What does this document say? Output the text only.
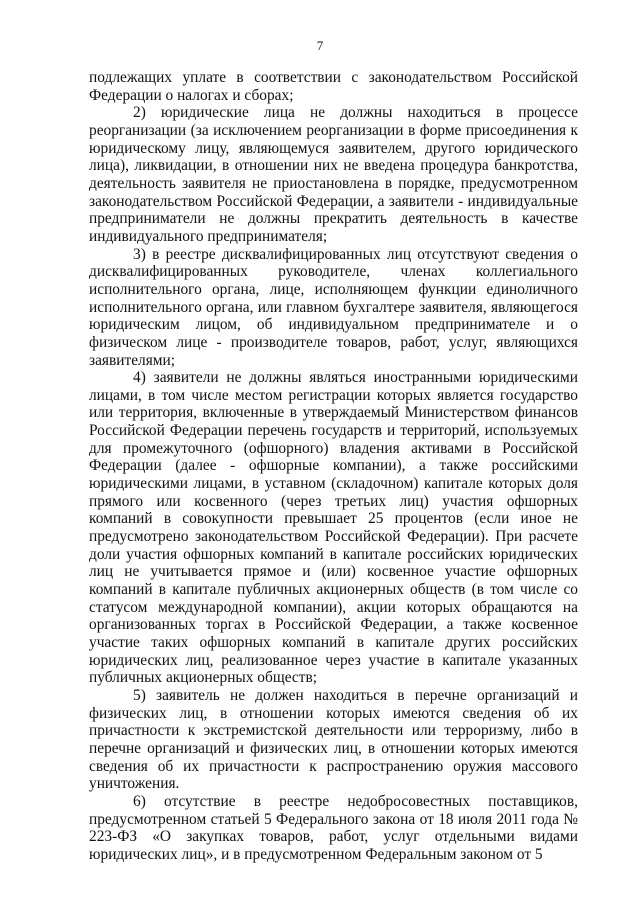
7

подлежащих уплате в соответствии с законодательством Российской Федерации о налогах и сборах;

2) юридические лица не должны находиться в процессе реорганизации (за исключением реорганизации в форме присоединения к юридическому лицу, являющемуся заявителем, другого юридического лица), ликвидации, в отношении них не введена процедура банкротства, деятельность заявителя не приостановлена в порядке, предусмотренном законодательством Российской Федерации, а заявители - индивидуальные предприниматели не должны прекратить деятельность в качестве индивидуального предпринимателя;

3) в реестре дисквалифицированных лиц отсутствуют сведения о дисквалифицированных руководителе, членах коллегиального исполнительного органа, лице, исполняющем функции единоличного исполнительного органа, или главном бухгалтере заявителя, являющегося юридическим лицом, об индивидуальном предпринимателе и о физическом лице - производителе товаров, работ, услуг, являющихся заявителями;

4) заявители не должны являться иностранными юридическими лицами, в том числе местом регистрации которых является государство или территория, включенные в утверждаемый Министерством финансов Российской Федерации перечень государств и территорий, используемых для промежуточного (офшорного) владения активами в Российской Федерации (далее - офшорные компании), а также российскими юридическими лицами, в уставном (складочном) капитале которых доля прямого или косвенного (через третьих лиц) участия офшорных компаний в совокупности превышает 25 процентов (если иное не предусмотрено законодательством Российской Федерации). При расчете доли участия офшорных компаний в капитале российских юридических лиц не учитывается прямое и (или) косвенное участие офшорных компаний в капитале публичных акционерных обществ (в том числе со статусом международной компании), акции которых обращаются на организованных торгах в Российской Федерации, а также косвенное участие таких офшорных компаний в капитале других российских юридических лиц, реализованное через участие в капитале указанных публичных акционерных обществ;

5) заявитель не должен находиться в перечне организаций и физических лиц, в отношении которых имеются сведения об их причастности к экстремистской деятельности или терроризму, либо в перечне организаций и физических лиц, в отношении которых имеются сведения об их причастности к распространению оружия массового уничтожения.

6) отсутствие в реестре недобросовестных поставщиков, предусмотренном статьей 5 Федерального закона от 18 июля 2011 года № 223-ФЗ «О закупках товаров, работ, услуг отдельными видами юридических лиц», и в предусмотренном Федеральным законом от 5
